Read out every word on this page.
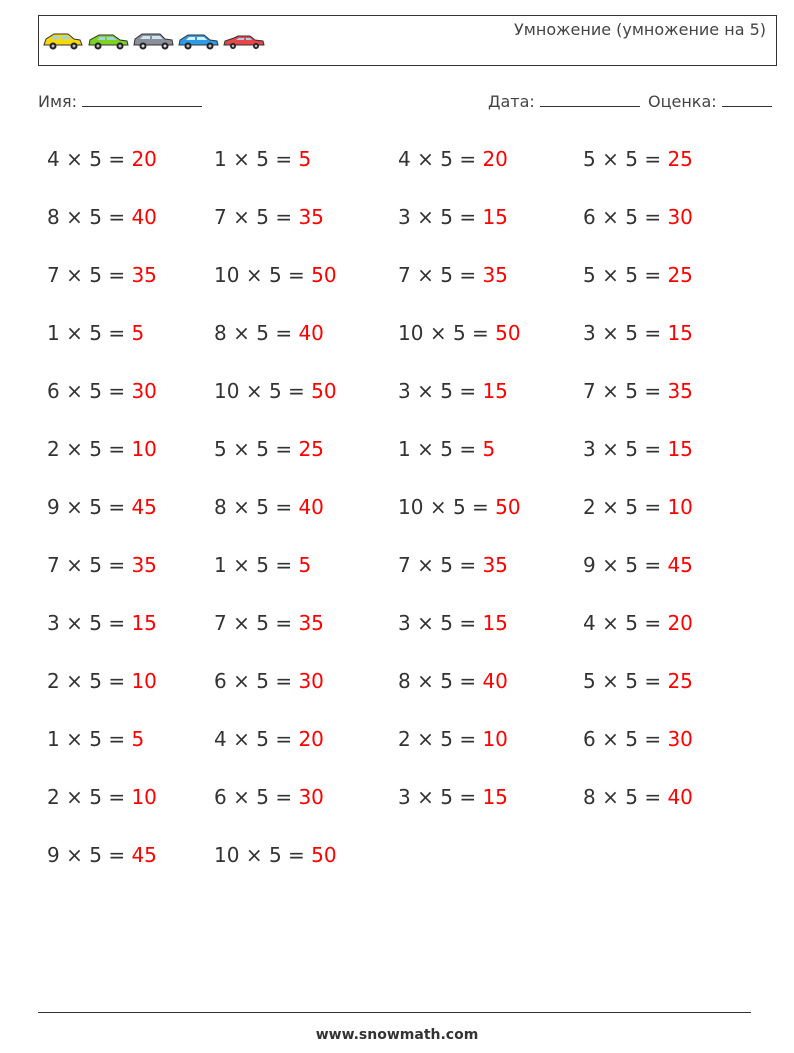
Умножение (умножение на 5)
Имя:	Дата:	Оценка:
4 × 5 = 20
8 × 5 = 40
7 × 5 = 35
1 × 5 = 5
6 × 5 = 30
2 × 5 = 10
9 × 5 = 45
7 × 5 = 35
3 × 5 = 15
2 × 5 = 10
1 × 5 = 5
2 × 5 = 10
9 × 5 = 45
1 × 5 = 5
7 × 5 = 35
10 × 5 = 50
8 × 5 = 40
10 × 5 = 50
5 × 5 = 25
8 × 5 = 40
1 × 5 = 5
7 × 5 = 35
6 × 5 = 30
4 × 5 = 20
6 × 5 = 30
10 × 5 = 50
4 × 5 = 20
3 × 5 = 15
7 × 5 = 35
10 × 5 = 50
3 × 5 = 15
1 × 5 = 5
10 × 5 = 50
7 × 5 = 35
3 × 5 = 15
8 × 5 = 40
2 × 5 = 10
3 × 5 = 15
5 × 5 = 25
6 × 5 = 30
5 × 5 = 25
3 × 5 = 15
7 × 5 = 35
3 × 5 = 15
2 × 5 = 10
9 × 5 = 45
4 × 5 = 20
5 × 5 = 25
6 × 5 = 30
8 × 5 = 40
www.snowmath.com
